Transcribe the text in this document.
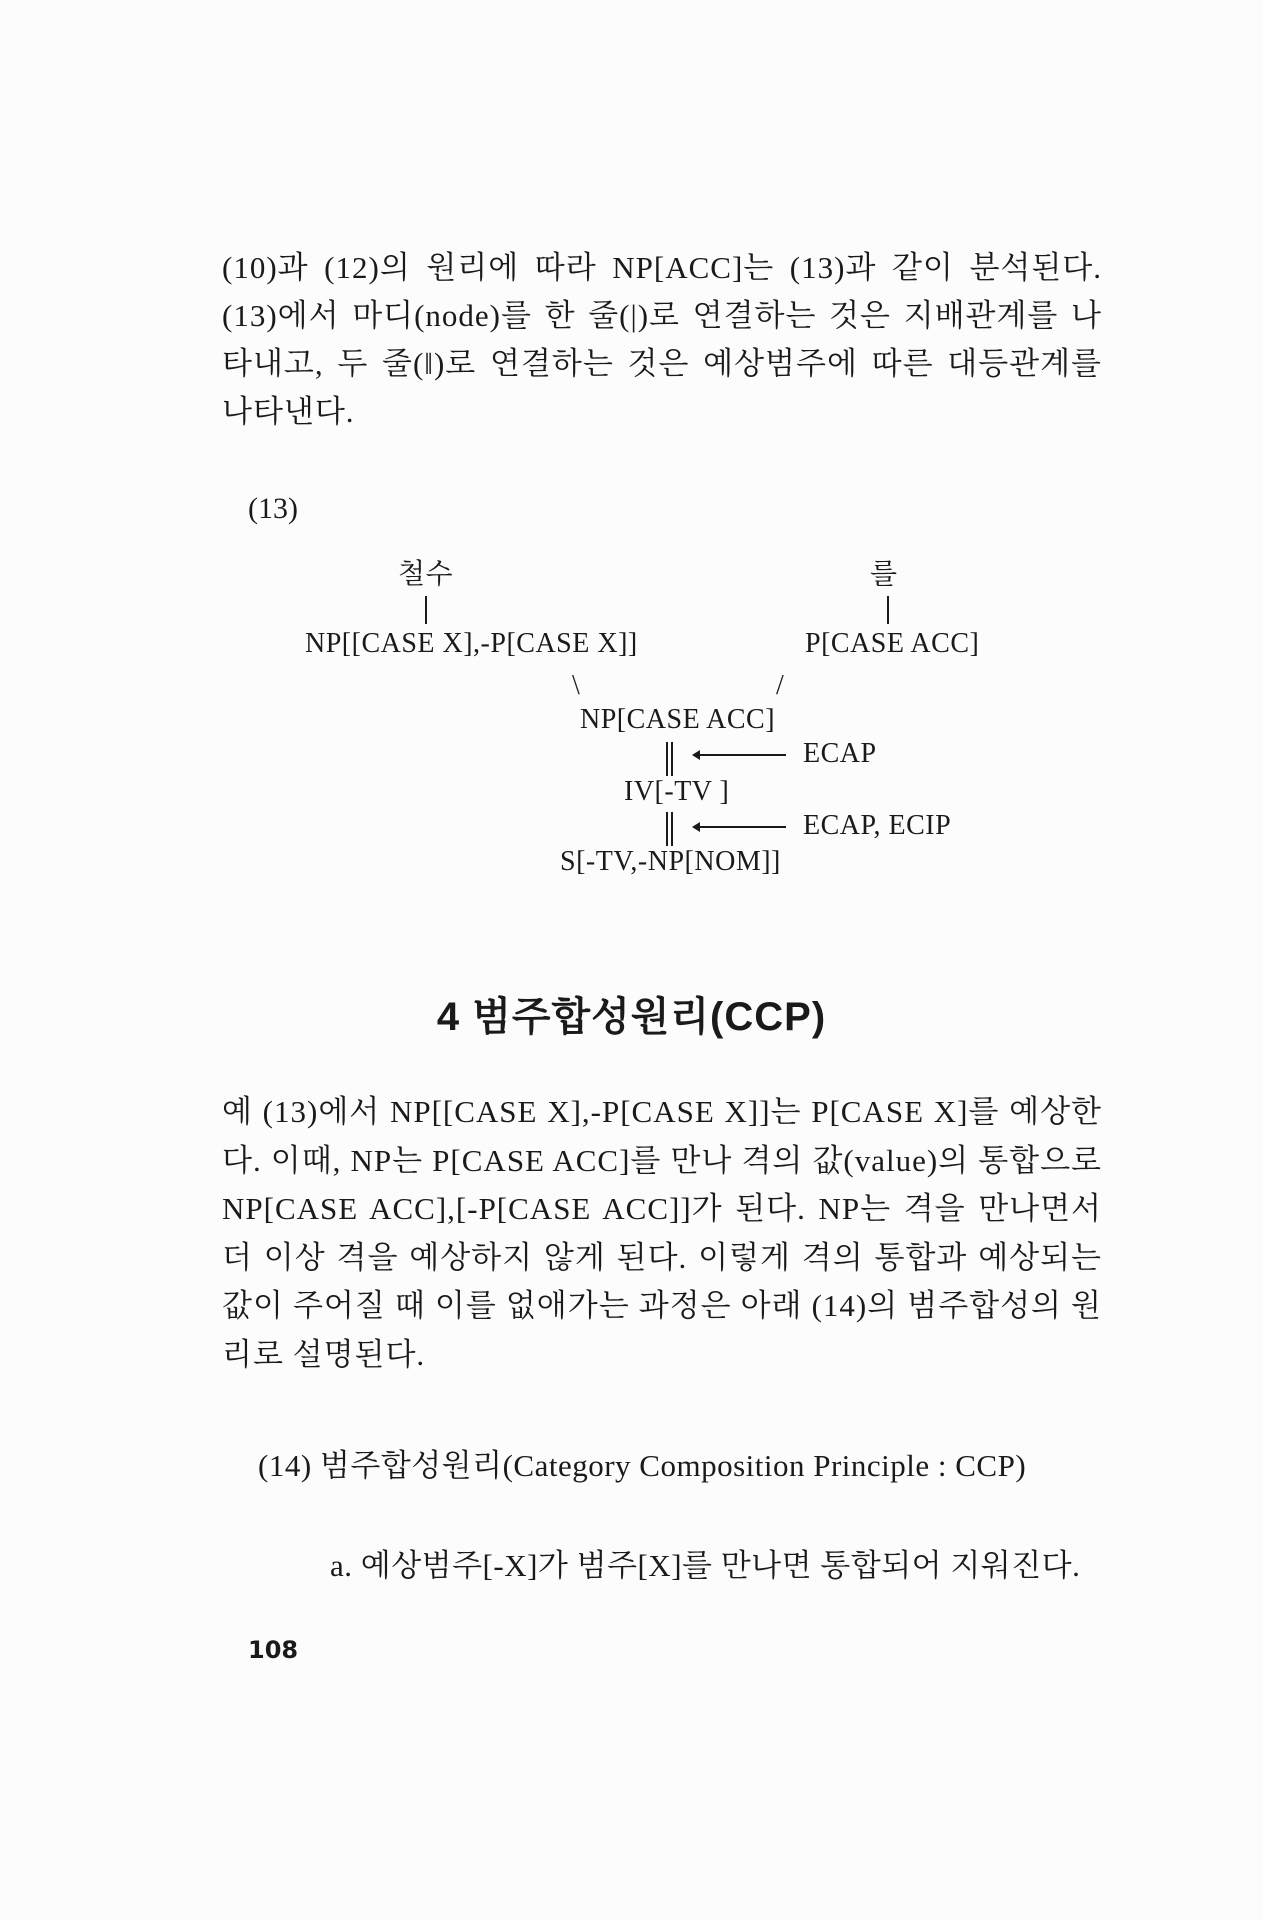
(10)과 (12)의 원리에 따라 NP[ACC]는 (13)과 같이 분석된다. (13)에서 마디(node)를 한 줄(|)로 연결하는 것은 지배관계를 나타내고, 두 줄(‖)로 연결하는 것은 예상범주에 따른 대등관계를 나타낸다.

(13)

철수	를
NP[[CASE X],-P[CASE X]]	P[CASE ACC]
\	/
NP[CASE ACC]
ECAP
IV[-TV ]
ECAP, ECIP
S[-TV,-NP[NOM]]
4 범주합성원리(CCP)

예 (13)에서 NP[[CASE X],-P[CASE X]]는 P[CASE X]를 예상한다. 이때, NP는 P[CASE ACC]를 만나 격의 값(value)의 통합으로 NP[CASE ACC],[-P[CASE ACC]]가 된다. NP는 격을 만나면서 더 이상 격을 예상하지 않게 된다. 이렇게 격의 통합과 예상되는 값이 주어질 때 이를 없애가는 과정은 아래 (14)의 범주합성의 원리로 설명된다.

(14) 범주합성원리(Category Composition Principle : CCP)

a. 예상범주[-X]가 범주[X]를 만나면 통합되어 지워진다.

108
